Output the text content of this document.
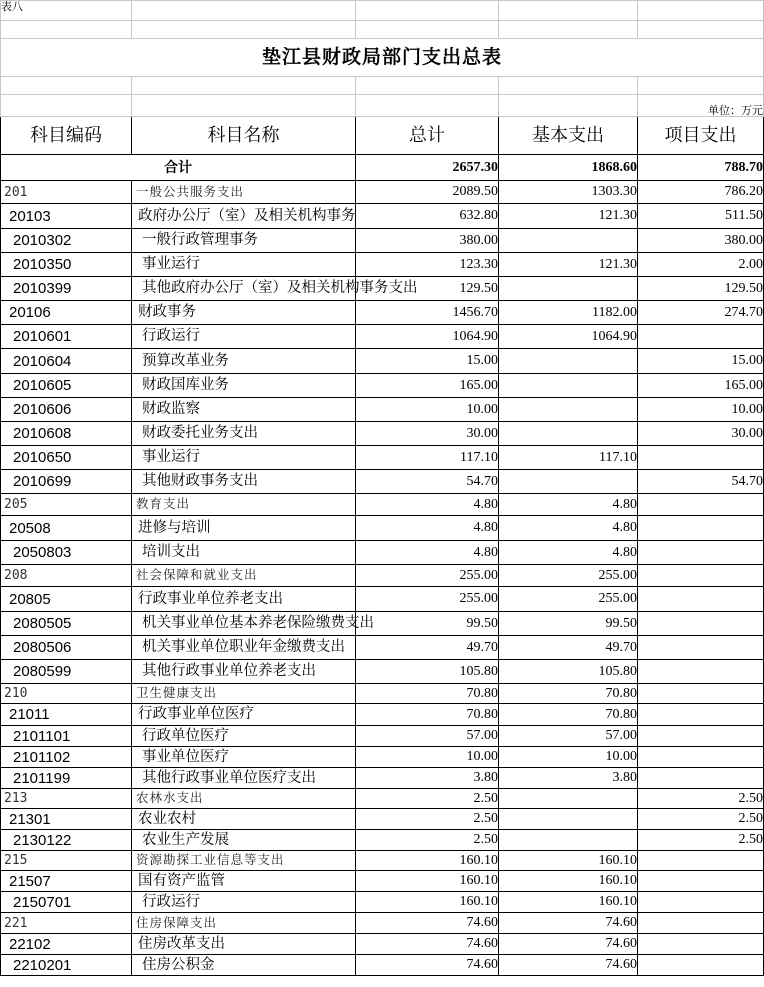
表八				

垫江县财政局部门支出总表				

				单位：万元
科目编码	科目名称	总计	基本支出	项目支出
合计		2657.30	1868.60	788.70
201	一般公共服务支出	2089.50	1303.30	786.20
20103	政府办公厅（室）及相关机构事务	632.80	121.30	511.50
2010302	一般行政管理事务	380.00		380.00
2010350	事业运行	123.30	121.30	2.00
2010399	其他政府办公厅（室）及相关机构事务支出	129.50		129.50
20106	财政事务	1456.70	1182.00	274.70
2010601	行政运行	1064.90	1064.90	
2010604	预算改革业务	15.00		15.00
2010605	财政国库业务	165.00		165.00
2010606	财政监察	10.00		10.00
2010608	财政委托业务支出	30.00		30.00
2010650	事业运行	117.10	117.10	
2010699	其他财政事务支出	54.70		54.70
205	教育支出	4.80	4.80	
20508	进修与培训	4.80	4.80	
2050803	培训支出	4.80	4.80	
208	社会保障和就业支出	255.00	255.00	
20805	行政事业单位养老支出	255.00	255.00	
2080505	机关事业单位基本养老保险缴费支出	99.50	99.50	
2080506	机关事业单位职业年金缴费支出	49.70	49.70	
2080599	其他行政事业单位养老支出	105.80	105.80	
210	卫生健康支出	70.80	70.80	
21011	行政事业单位医疗	70.80	70.80	
2101101	行政单位医疗	57.00	57.00	
2101102	事业单位医疗	10.00	10.00	
2101199	其他行政事业单位医疗支出	3.80	3.80	
213	农林水支出	2.50		2.50
21301	农业农村	2.50		2.50
2130122	农业生产发展	2.50		2.50
215	资源勘探工业信息等支出	160.10	160.10	
21507	国有资产监管	160.10	160.10	
2150701	行政运行	160.10	160.10	
221	住房保障支出	74.60	74.60	
22102	住房改革支出	74.60	74.60	
2210201	住房公积金	74.60	74.60	
